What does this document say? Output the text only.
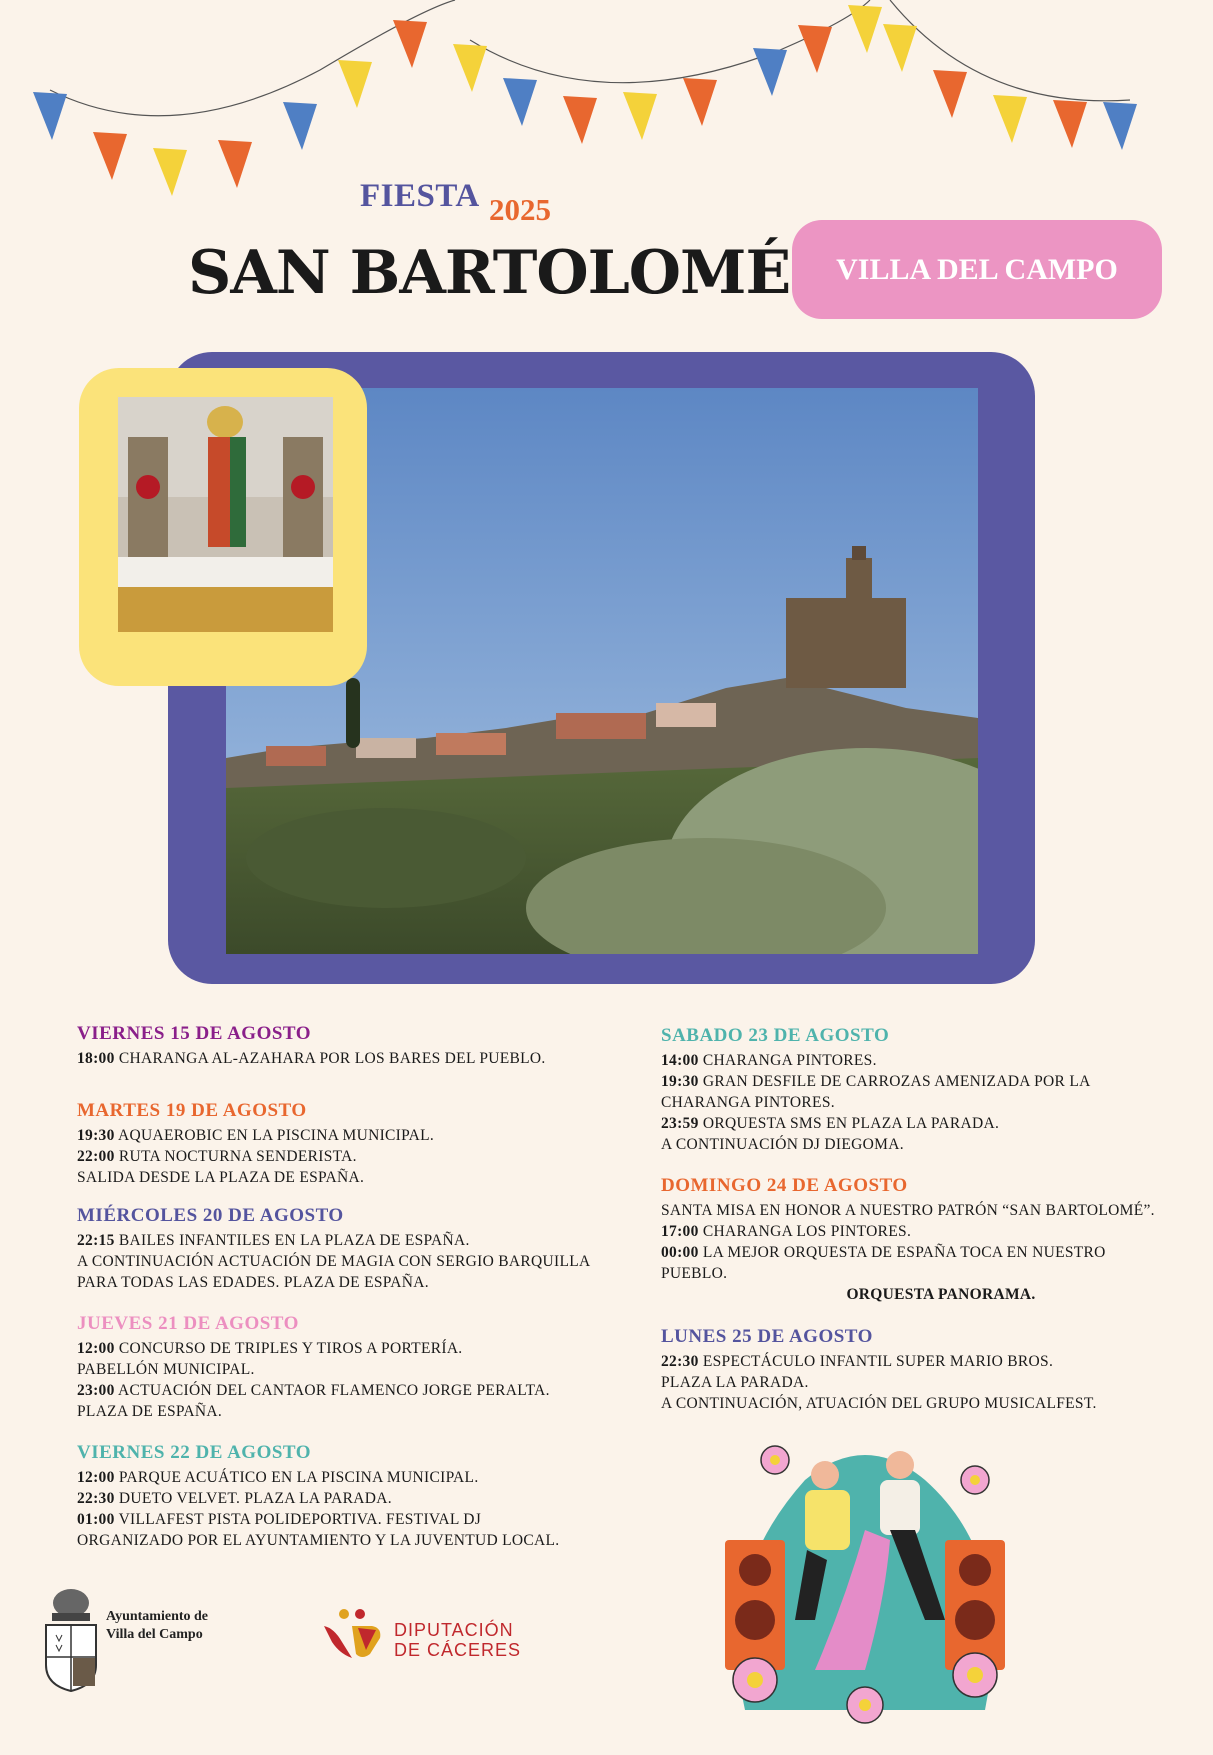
FIESTA 2025
SAN BARTOLOMÉ VILLA DEL CAMPO
VIERNES 15 DE AGOSTO
18:00 CHARANGA AL-AZAHARA POR LOS BARES DEL PUEBLO.
MARTES 19 DE AGOSTO
19:30 AQUAEROBIC EN LA PISCINA MUNICIPAL.
22:00 RUTA NOCTURNA SENDERISTA.
SALIDA DESDE LA PLAZA DE ESPAÑA.
MIÉRCOLES 20 DE AGOSTO
22:15 BAILES INFANTILES EN LA PLAZA DE ESPAÑA.
A CONTINUACIÓN ACTUACIÓN DE MAGIA CON SERGIO BARQUILLA
PARA TODAS LAS EDADES. PLAZA DE ESPAÑA.
JUEVES 21 DE AGOSTO
12:00 CONCURSO DE TRIPLES Y TIROS A PORTERÍA.
PABELLÓN MUNICIPAL.
23:00 ACTUACIÓN DEL CANTAOR FLAMENCO JORGE PERALTA.
PLAZA DE ESPAÑA.
VIERNES 22 DE AGOSTO
12:00 PARQUE ACUÁTICO EN LA PISCINA MUNICIPAL.
22:30 DUETO VELVET. PLAZA LA PARADA.
01:00 VILLAFEST PISTA POLIDEPORTIVA. FESTIVAL DJ
ORGANIZADO POR EL AYUNTAMIENTO Y LA JUVENTUD LOCAL.
SABADO 23 DE AGOSTO
14:00 CHARANGA PINTORES.
19:30 GRAN DESFILE DE CARROZAS AMENIZADA POR LA
CHARANGA PINTORES.
23:59 ORQUESTA SMS EN PLAZA LA PARADA.
A CONTINUACIÓN DJ DIEGOMA.
DOMINGO 24 DE AGOSTO
SANTA MISA EN HONOR A NUESTRO PATRÓN “SAN BARTOLOMÉ”.
17:00 CHARANGA LOS PINTORES.
00:00 LA MEJOR ORQUESTA DE ESPAÑA TOCA EN NUESTRO
PUEBLO.
ORQUESTA PANORAMA.
LUNES 25 DE AGOSTO
22:30 ESPECTÁCULO INFANTIL SUPER MARIO BROS.
PLAZA LA PARADA.
A CONTINUACIÓN, ATUACIÓN DEL GRUPO MUSICALFEST.
Ayuntamiento de
Villa del Campo	DIPUTACIÓN
DE CÁCERES
